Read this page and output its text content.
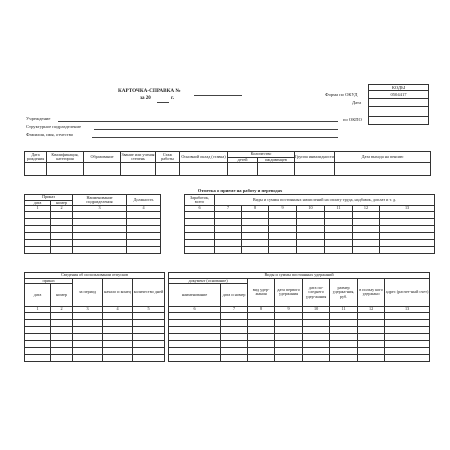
КАРТОЧКА-СПРАВКА №
за 20	г.
КОДЫ
0504417
Форма по ОКУД
Дата
по ОКПО
Учреждение
Структурное подразделение
Фамилия, имя, отчество
Дата рождения	Квалификация, категория	Образование	Звание или ученая степень	Стаж работы	Основной оклад (ставка)	Количество		Группа инвалидности	Дата выхода на пенсию
						детей	иждивенцев		

Отметка о приеме на работу и переводах
Приказ		Наименование подразделения	Должность		Заработок, всего	Виды и суммы постоянных начислений на оплату труда, надбавок, доплат и т. д.						
дата	номер											
1	2	3	4		6	7	8	9	10	11	12	13

Сведения об использовании отпусков						Виды и суммы постоянных удержаний							
приказ		за период	начало и конец	количество дней		документ (основание)		вид удер-жания	дата первого удержания	дата по-следнего удер-жания	размер удержа-ния, руб.	в пользу кого удержано	адрес (расчет-ный счет)
дата	номер					наименование	дата и номер						
1	2	3	4	5		6	7	8	9	10	11	12	13
